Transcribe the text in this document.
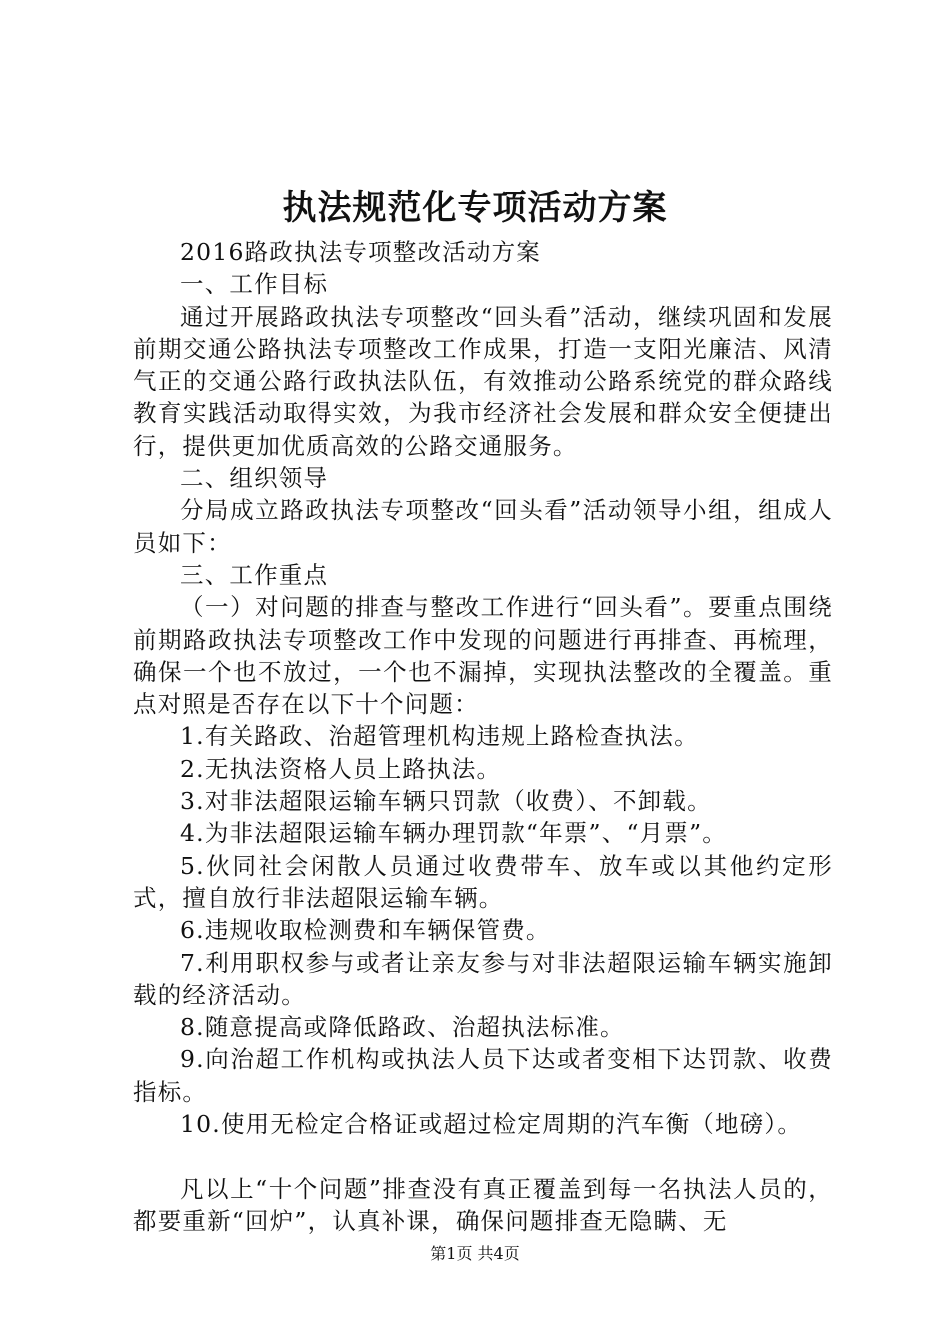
执法规范化专项活动方案

2016路政执法专项整改活动方案

一、工作目标

通过开展路政执法专项整改“回头看”活动，继续巩固和发展前期交通公路执法专项整改工作成果，打造一支阳光廉洁、风清气正的交通公路行政执法队伍，有效推动公路系统党的群众路线教育实践活动取得实效，为我市经济社会发展和群众安全便捷出行，提供更加优质高效的公路交通服务。

二、组织领导

分局成立路政执法专项整改“回头看”活动领导小组，组成人员如下：

三、工作重点

（一）对问题的排查与整改工作进行“回头看”。要重点围绕前期路政执法专项整改工作中发现的问题进行再排查、再梳理，确保一个也不放过，一个也不漏掉，实现执法整改的全覆盖。重点对照是否存在以下十个问题：

1.有关路政、治超管理机构违规上路检查执法。

2.无执法资格人员上路执法。

3.对非法超限运输车辆只罚款（收费）、不卸载。

4.为非法超限运输车辆办理罚款“年票”、“月票”。

5.伙同社会闲散人员通过收费带车、放车或以其他约定形式，擅自放行非法超限运输车辆。

6.违规收取检测费和车辆保管费。

7.利用职权参与或者让亲友参与对非法超限运输车辆实施卸载的经济活动。

8.随意提高或降低路政、治超执法标准。

9.向治超工作机构或执法人员下达或者变相下达罚款、收费指标。

10.使用无检定合格证或超过检定周期的汽车衡（地磅）。

凡以上“十个问题”排查没有真正覆盖到每一名执法人员的，都要重新“回炉”，认真补课，确保问题排查无隐瞒、无

第1页 共4页
